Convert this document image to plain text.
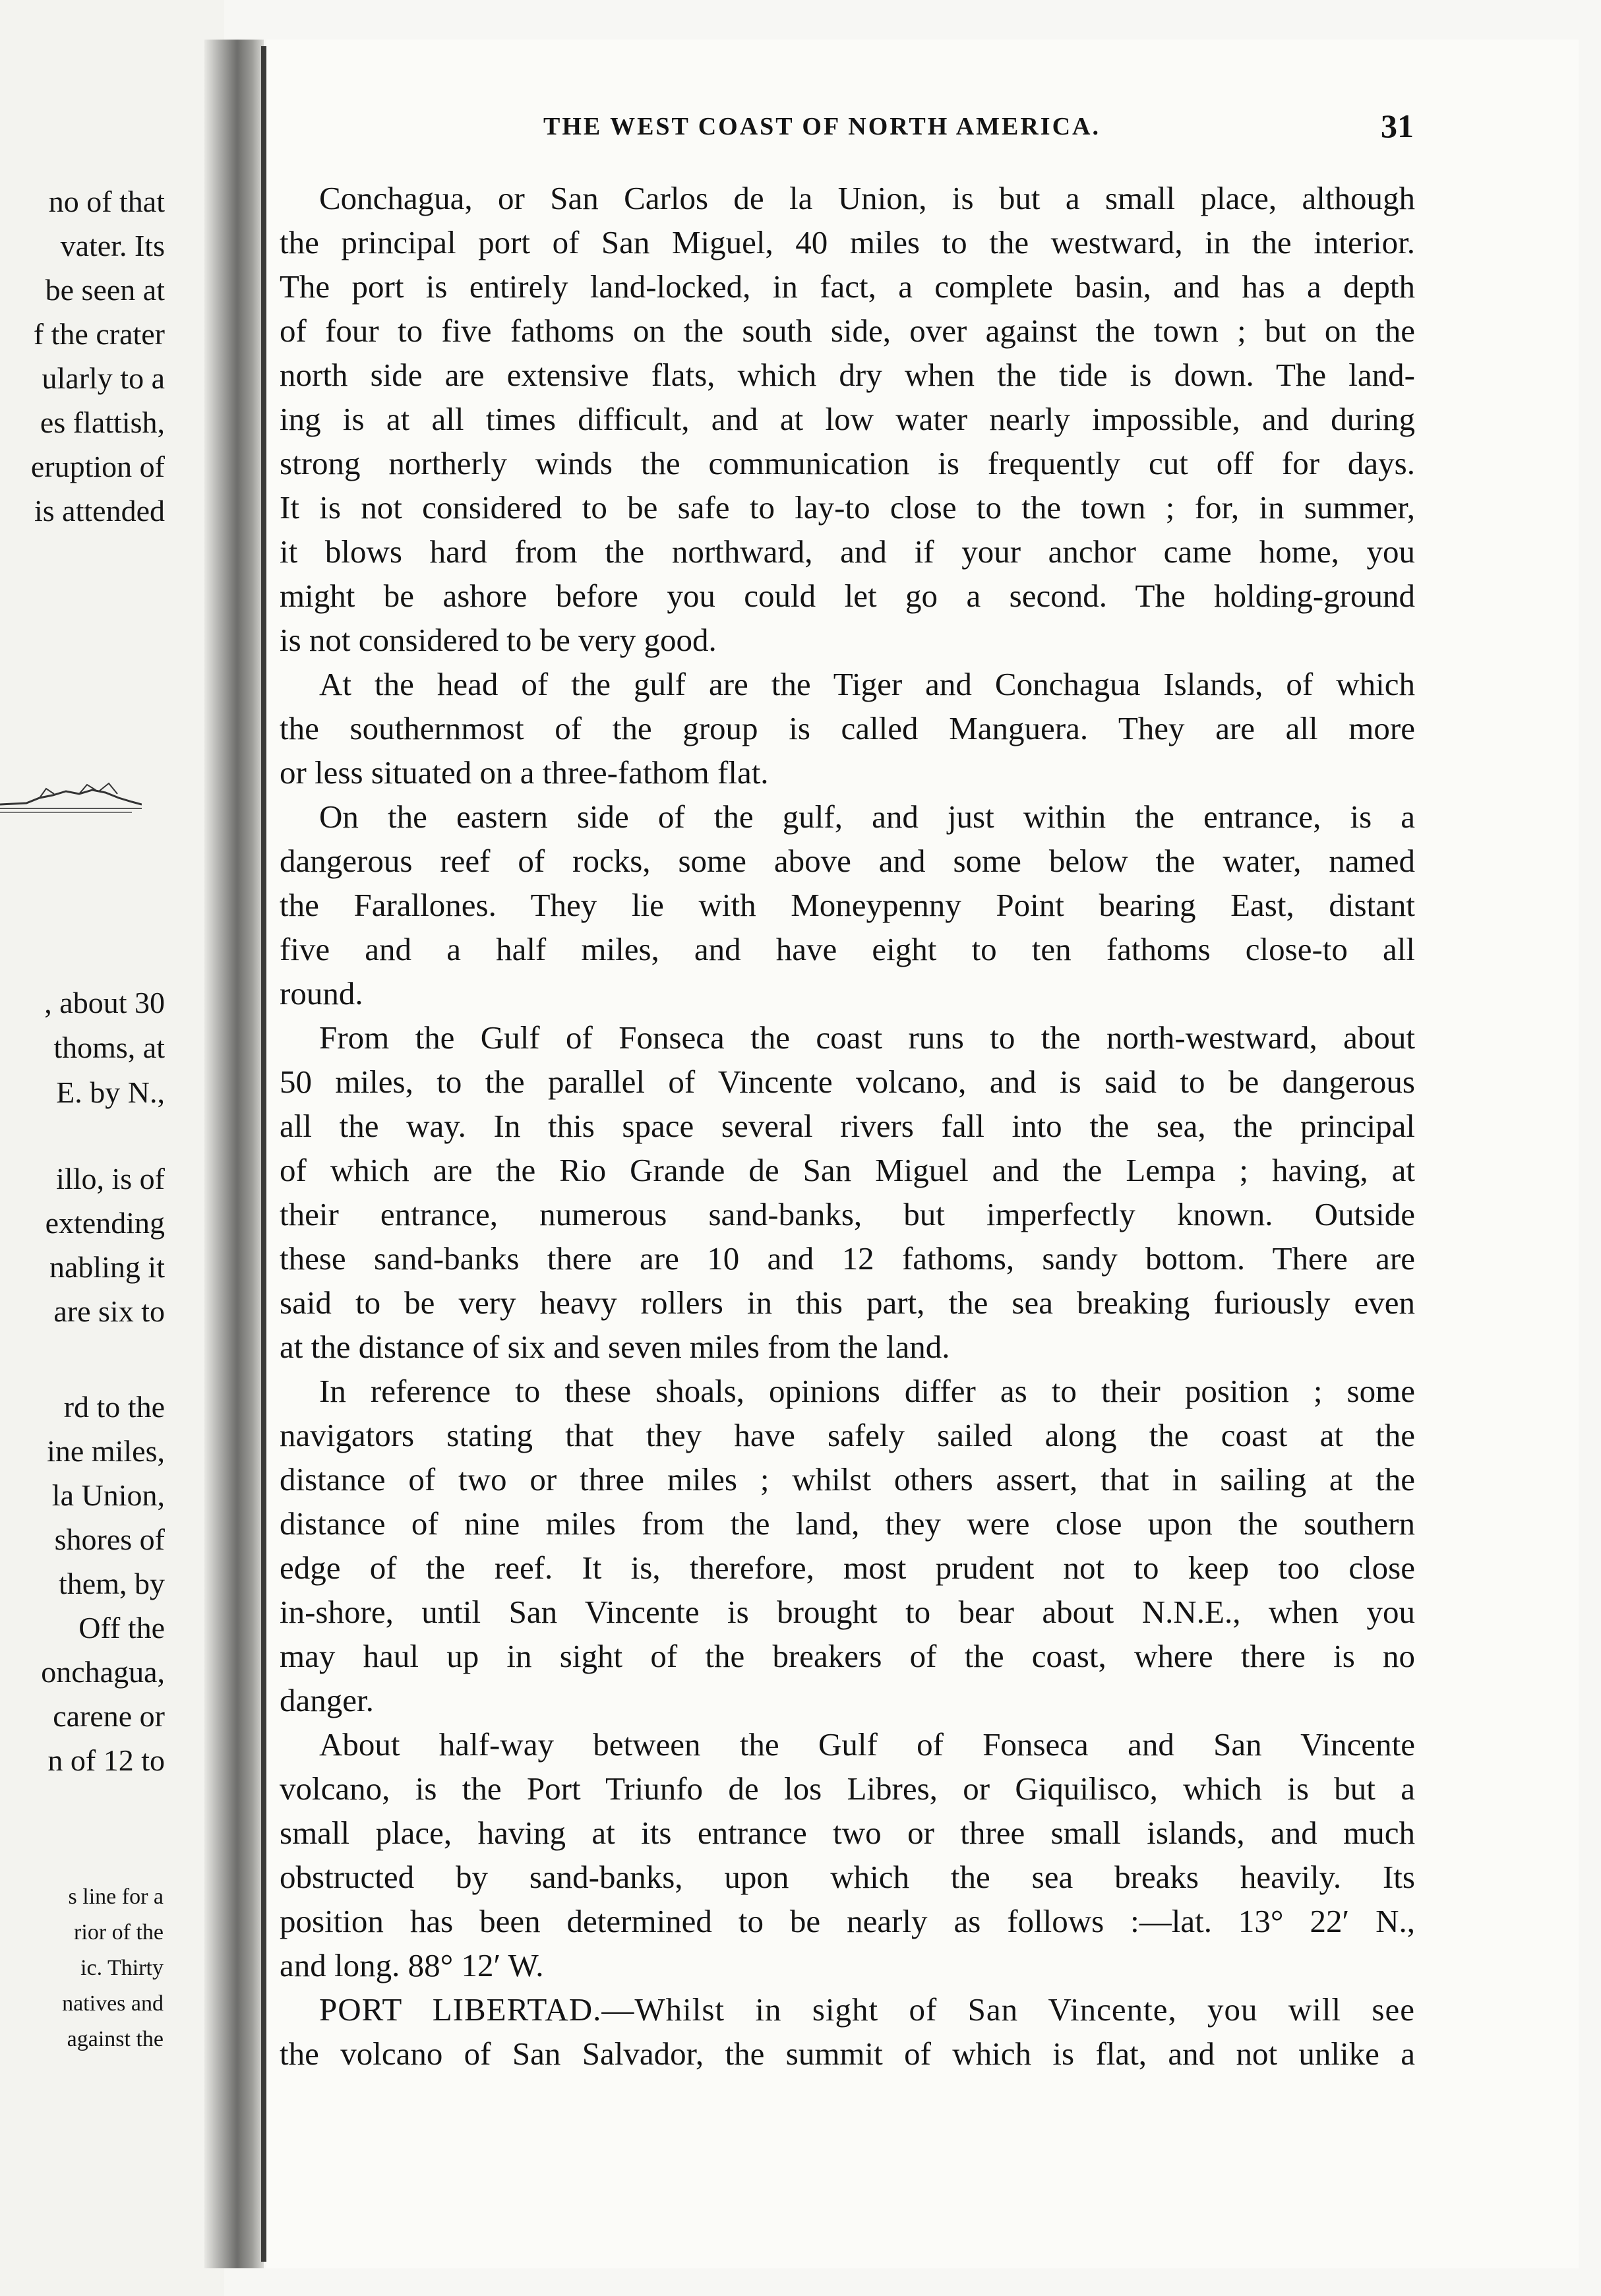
no of that
vater. Its
be seen at
f the crater
ularly to a
es flattish,
eruption of
is attended
, about 30
thoms, at
E. by N.,
illo, is of
extending
nabling it
are six to
rd to the
ine miles,
la Union,
shores of
them, by
Off the
onchagua,
carene or
n of 12 to
s line for a
rior of the
ic. Thirty
natives and
against the
THE WEST COAST OF NORTH AMERICA.	31
Conchagua, or San Carlos de la Union, is but a small place, although
the principal port of San Miguel, 40 miles to the westward, in the interior.
The port is entirely land-locked, in fact, a complete basin, and has a depth
of four to five fathoms on the south side, over against the town ; but on the
north side are extensive flats, which dry when the tide is down. The land-
ing is at all times difficult, and at low water nearly impossible, and during
strong northerly winds the communication is frequently cut off for days.
It is not considered to be safe to lay-to close to the town ; for, in summer,
it blows hard from the northward, and if your anchor came home, you
might be ashore before you could let go a second. The holding-ground
is not considered to be very good.
At the head of the gulf are the Tiger and Conchagua Islands, of which
the southernmost of the group is called Manguera. They are all more
or less situated on a three-fathom flat.
On the eastern side of the gulf, and just within the entrance, is a
dangerous reef of rocks, some above and some below the water, named
the Farallones. They lie with Moneypenny Point bearing East, distant
five and a half miles, and have eight to ten fathoms close-to all
round.
From the Gulf of Fonseca the coast runs to the north-westward, about
50 miles, to the parallel of Vincente volcano, and is said to be dangerous
all the way. In this space several rivers fall into the sea, the principal
of which are the Rio Grande de San Miguel and the Lempa ; having, at
their entrance, numerous sand-banks, but imperfectly known. Outside
these sand-banks there are 10 and 12 fathoms, sandy bottom. There are
said to be very heavy rollers in this part, the sea breaking furiously even
at the distance of six and seven miles from the land.
In reference to these shoals, opinions differ as to their position ; some
navigators stating that they have safely sailed along the coast at the
distance of two or three miles ; whilst others assert, that in sailing at the
distance of nine miles from the land, they were close upon the southern
edge of the reef. It is, therefore, most prudent not to keep too close
in-shore, until San Vincente is brought to bear about N.N.E., when you
may haul up in sight of the breakers of the coast, where there is no
danger.
About half-way between the Gulf of Fonseca and San Vincente
volcano, is the Port Triunfo de los Libres, or Giquilisco, which is but a
small place, having at its entrance two or three small islands, and much
obstructed by sand-banks, upon which the sea breaks heavily. Its
position has been determined to be nearly as follows :—lat. 13° 22′ N.,
and long. 88° 12′ W.
PORT LIBERTAD.—Whilst in sight of San Vincente, you will see
the volcano of San Salvador, the summit of which is flat, and not unlike a
